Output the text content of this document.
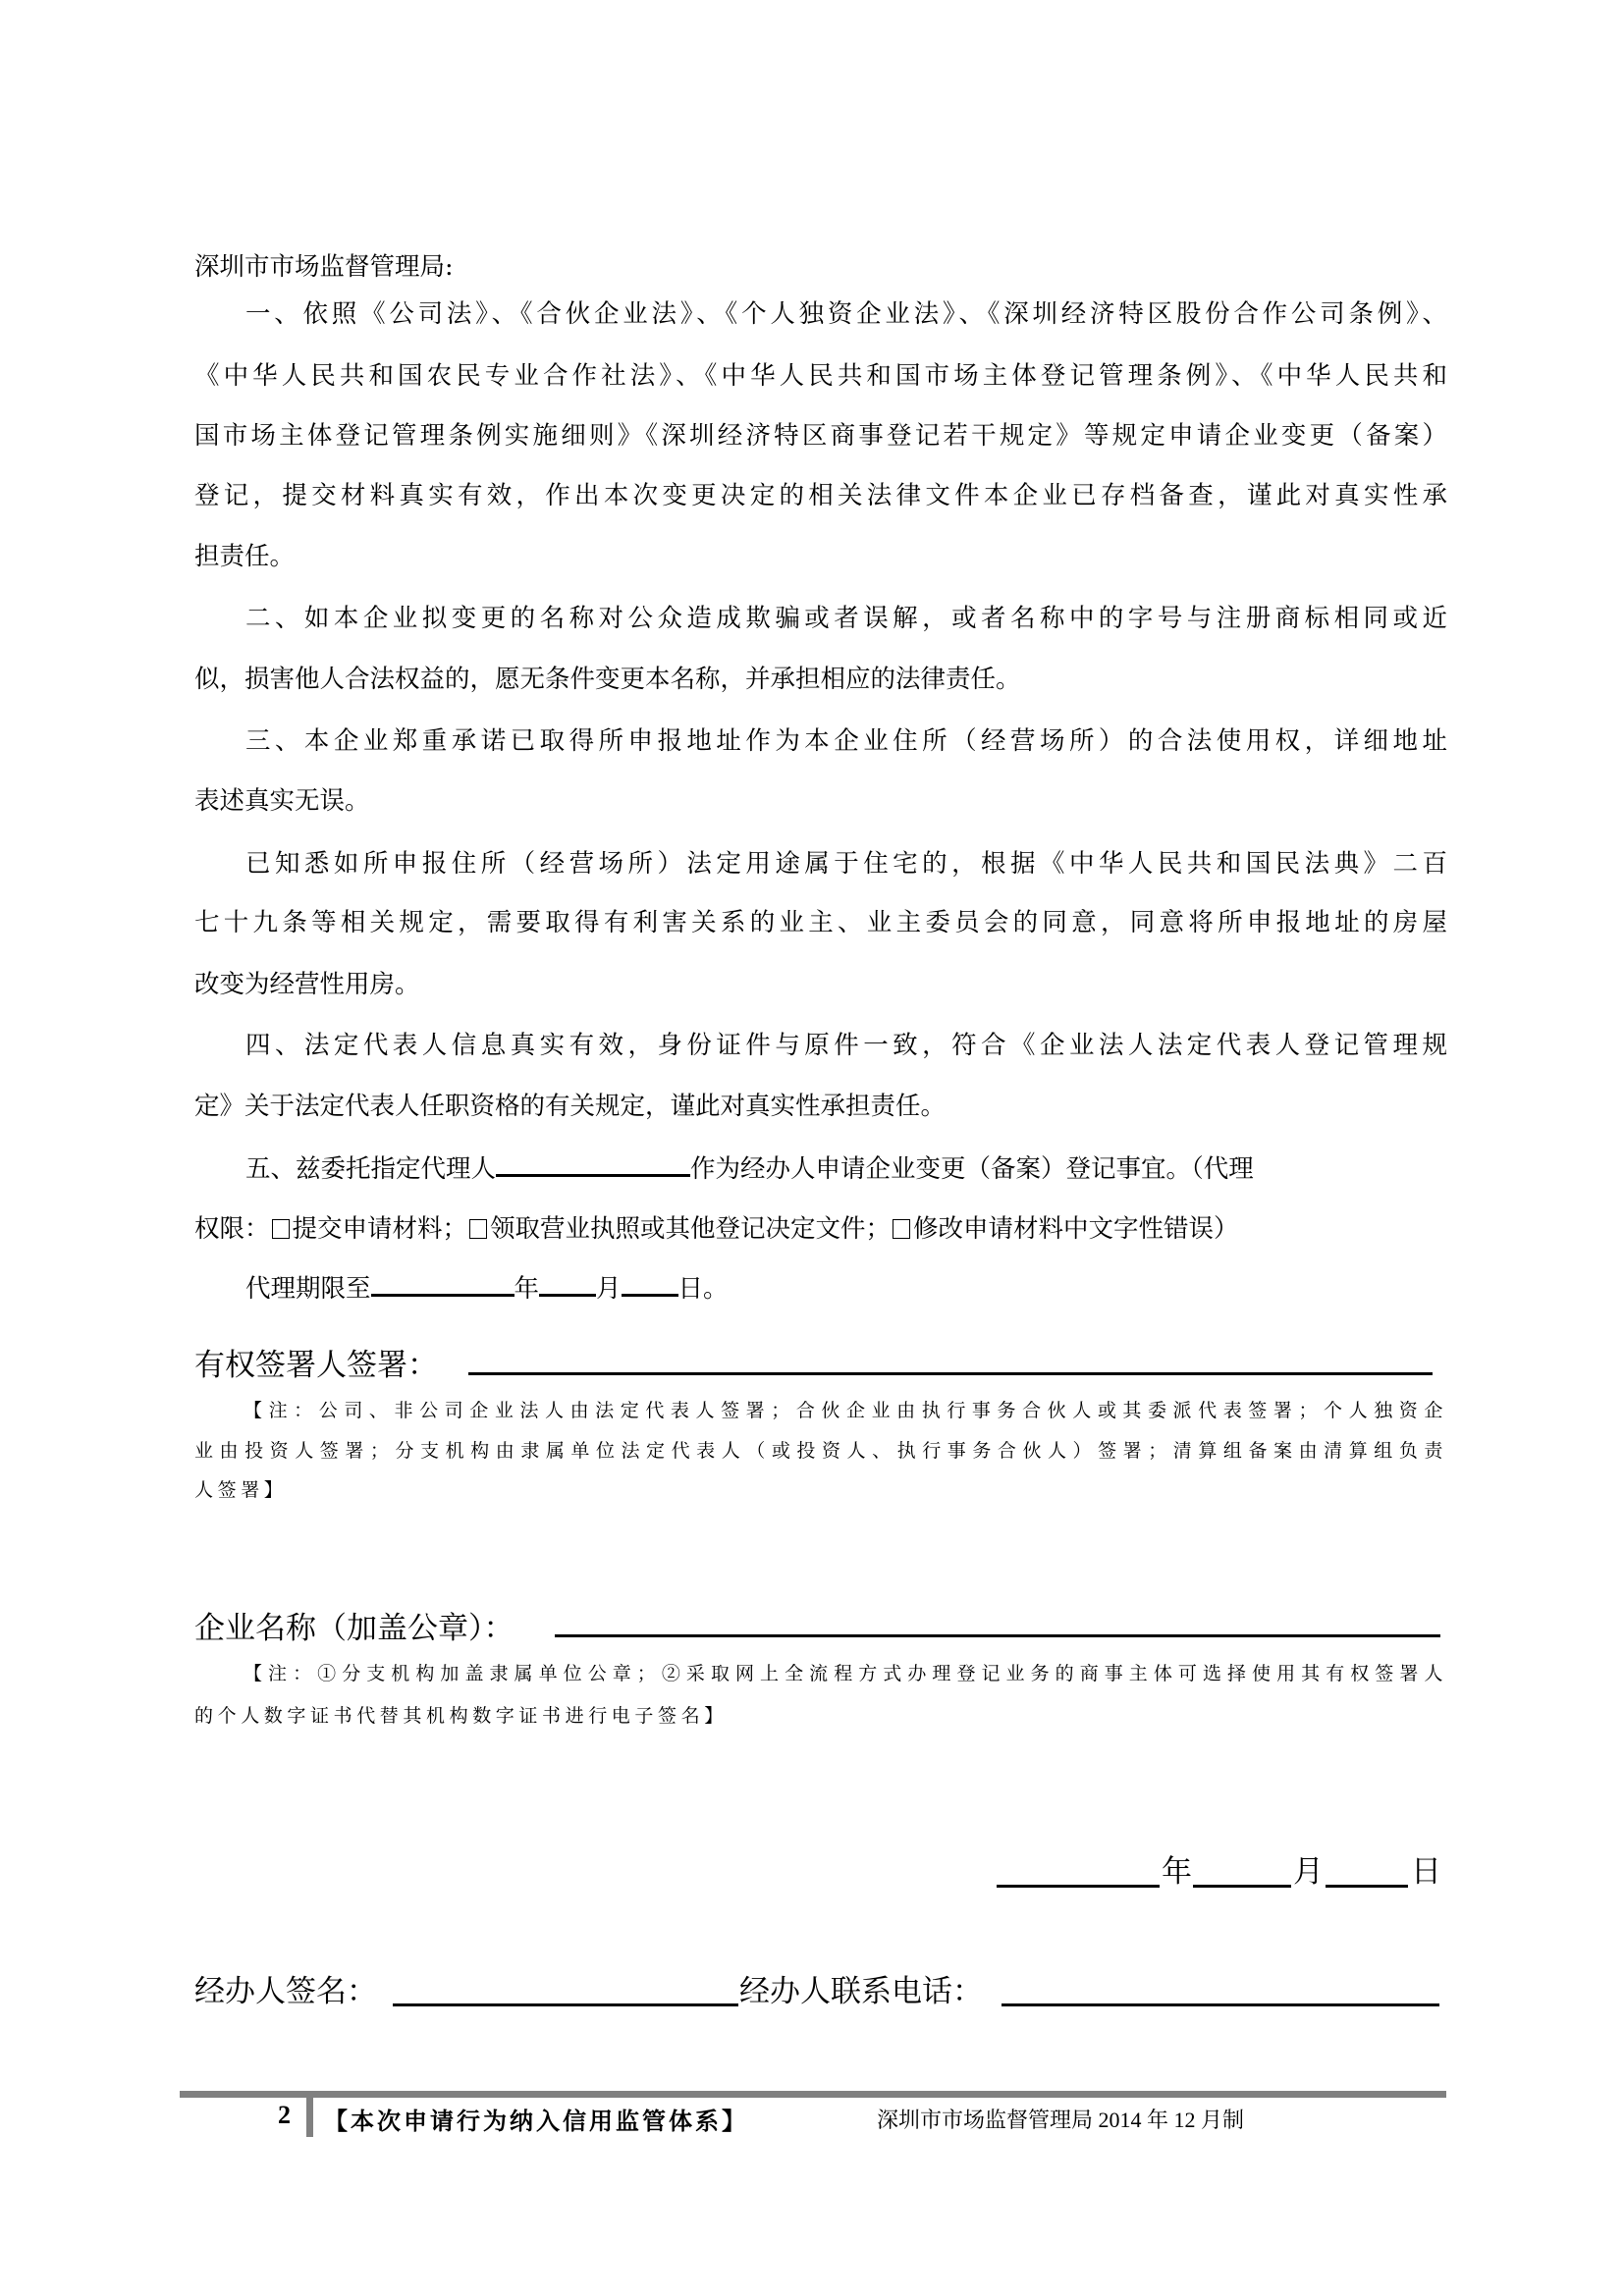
深圳市市场监督管理局:
一、依照《公司法》、《合伙企业法》、《个人独资企业法》、《深圳经济特区股份合作公司条例》、
《中华人民共和国农民专业合作社法》、《中华人民共和国市场主体登记管理条例》、《中华人民共和
国市场主体登记管理条例实施细则》《深圳经济特区商事登记若干规定》等规定申请企业变更（备案）
登记，提交材料真实有效，作出本次变更决定的相关法律文件本企业已存档备查，谨此对真实性承
担责任。
二、如本企业拟变更的名称对公众造成欺骗或者误解，或者名称中的字号与注册商标相同或近
似，损害他人合法权益的，愿无条件变更本名称，并承担相应的法律责任。
三、本企业郑重承诺已取得所申报地址作为本企业住所（经营场所）的合法使用权，详细地址
表述真实无误。
已知悉如所申报住所（经营场所）法定用途属于住宅的，根据《中华人民共和国民法典》二百
七十九条等相关规定，需要取得有利害关系的业主、业主委员会的同意，同意将所申报地址的房屋
改变为经营性用房。
四、法定代表人信息真实有效，身份证件与原件一致，符合《企业法人法定代表人登记管理规
定》关于法定代表人任职资格的有关规定，谨此对真实性承担责任。
五、兹委托指定代理人	作为经办人申请企业变更（备案）登记事宜。（代理
权限： 提交申请材料； 领取营业执照或其他登记决定文件； 修改申请材料中文字性错误）
代理期限至	年 月 日。
有权签署人签署：
【注：公司、非公司企业法人由法定代表人签署；合伙企业由执行事务合伙人或其委派代表签署；个人独资企
业由投资人签署；分支机构由隶属单位法定代表人（或投资人、执行事务合伙人）签署；清算组备案由清算组负责
人签署】
企业名称（加盖公章）：
【注：①分支机构加盖隶属单位公章；②采取网上全流程方式办理登记业务的商事主体可选择使用其有权签署人
的个人数字证书代替其机构数字证书进行电子签名】
年	月	日
经办人签名：	经办人联系电话：
2 【本次申请行为纳入信用监管体系】	深圳市市场监督管理局 2014 年 12 月制
